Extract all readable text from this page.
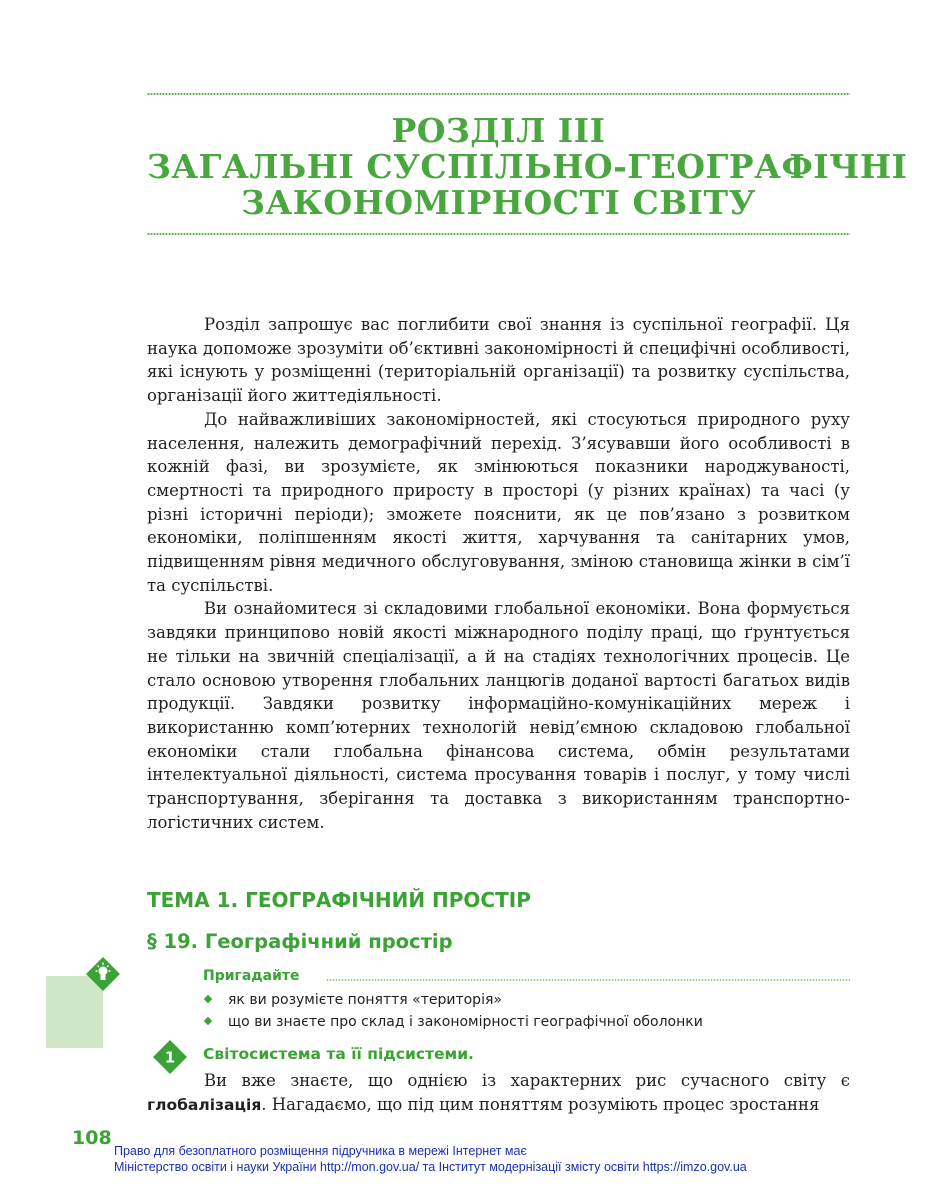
РОЗДІЛ III
ЗАГАЛЬНІ СУСПІЛЬНО-ГЕОГРАФІЧНІ
ЗАКОНОМІРНОСТІ СВІТУ

Розділ запрошує вас поглибити свої знання із суспільної географії. Ця наука допоможе зрозуміти об’єктивні закономірності й специфічні особливості, які існують у розміщенні (територіальній організації) та розвитку суспільства, організації його життедіяльності.

До найважливіших закономірностей, які стосуються природного руху населення, належить демографічний перехід. З’ясувавши його особливості в кожній фазі, ви зрозумієте, як змінюються показники народжуваності, смертності та природного приросту в просторі (у різних країнах) та часі (у різні історичні періоди); зможете пояснити, як це пов’язано з розвитком економіки, поліпшенням якості життя, харчування та санітарних умов, підвищенням рівня медичного обслуговування, зміною становища жінки в сім’ї та суспільстві.

Ви ознайомитеся зі складовими глобальної економіки. Вона формується завдяки принципово новій якості міжнародного поділу праці, що ґрунтується не тільки на звичній спеціалізації, а й на стадіях технологічних процесів. Це стало основою утворення глобальних ланцюгів доданої вартості багатьох видів продукції. Завдяки розвитку інформаційно-комунікаційних мереж і використанню комп’ютерних технологій невід’ємною складовою глобальної економіки стали глобальна фінансова система, обмін результатами інтелектуальної діяльності, система просування товарів і послуг, у тому числі транспортування, зберігання та доставка з використанням транспортно-логістичних систем.

ТЕМА 1. ГЕОГРАФІЧНИЙ ПРОСТІР
§ 19. Географічний простір
Пригадайте
як ви розумієте поняття «територія»
що ви знаєте про склад і закономірності географічної оболонки
1 Світосистема та її підсистеми.

Ви вже знаєте, що однією із характерних рис сучасного світу є глобалізація. Нагадаємо, що під цим поняттям розуміють процес зростання

108
Право для безоплатного розміщення підручника в мережі Інтернет має
Міністерство освіти і науки України http://mon.gov.ua/ та Інститут модернізації змісту освіти https://imzo.gov.ua
